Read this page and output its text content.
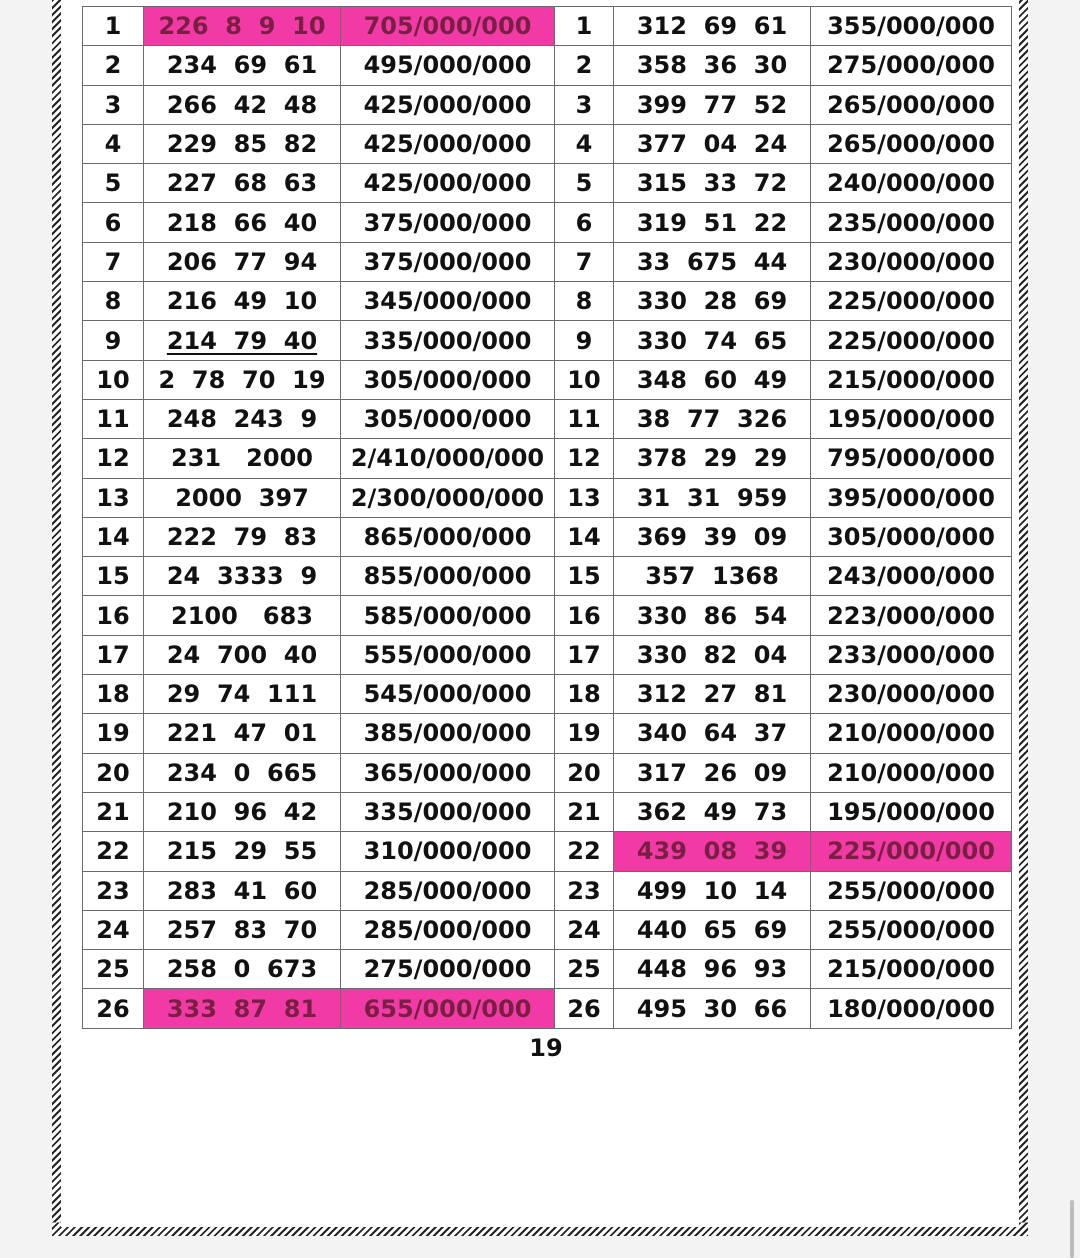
1	226  8  9  10	705/000/000	1	312  69  61	355/000/000
2	234  69  61	495/000/000	2	358  36  30	275/000/000
3	266  42  48	425/000/000	3	399  77  52	265/000/000
4	229  85  82	425/000/000	4	377  04  24	265/000/000
5	227  68  63	425/000/000	5	315  33  72	240/000/000
6	218  66  40	375/000/000	6	319  51  22	235/000/000
7	206  77  94	375/000/000	7	33  675  44	230/000/000
8	216  49  10	345/000/000	8	330  28  69	225/000/000
9	214  79  40	335/000/000	9	330  74  65	225/000/000
10	2  78  70  19	305/000/000	10	348  60  49	215/000/000
11	248  243  9	305/000/000	11	38  77  326	195/000/000
12	231   2000	2/410/000/000	12	378  29  29	795/000/000
13	2000  397	2/300/000/000	13	31  31  959	395/000/000
14	222  79  83	865/000/000	14	369  39  09	305/000/000
15	24  3333  9	855/000/000	15	357  1368	243/000/000
16	2100   683	585/000/000	16	330  86  54	223/000/000
17	24  700  40	555/000/000	17	330  82  04	233/000/000
18	29  74  111	545/000/000	18	312  27  81	230/000/000
19	221  47  01	385/000/000	19	340  64  37	210/000/000
20	234  0  665	365/000/000	20	317  26  09	210/000/000
21	210  96  42	335/000/000	21	362  49  73	195/000/000
22	215  29  55	310/000/000	22	439  08  39	225/000/000
23	283  41  60	285/000/000	23	499  10  14	255/000/000
24	257  83  70	285/000/000	24	440  65  69	255/000/000
25	258  0  673	275/000/000	25	448  96  93	215/000/000
26	333  87  81	655/000/000	26	495  30  66	180/000/000
19
